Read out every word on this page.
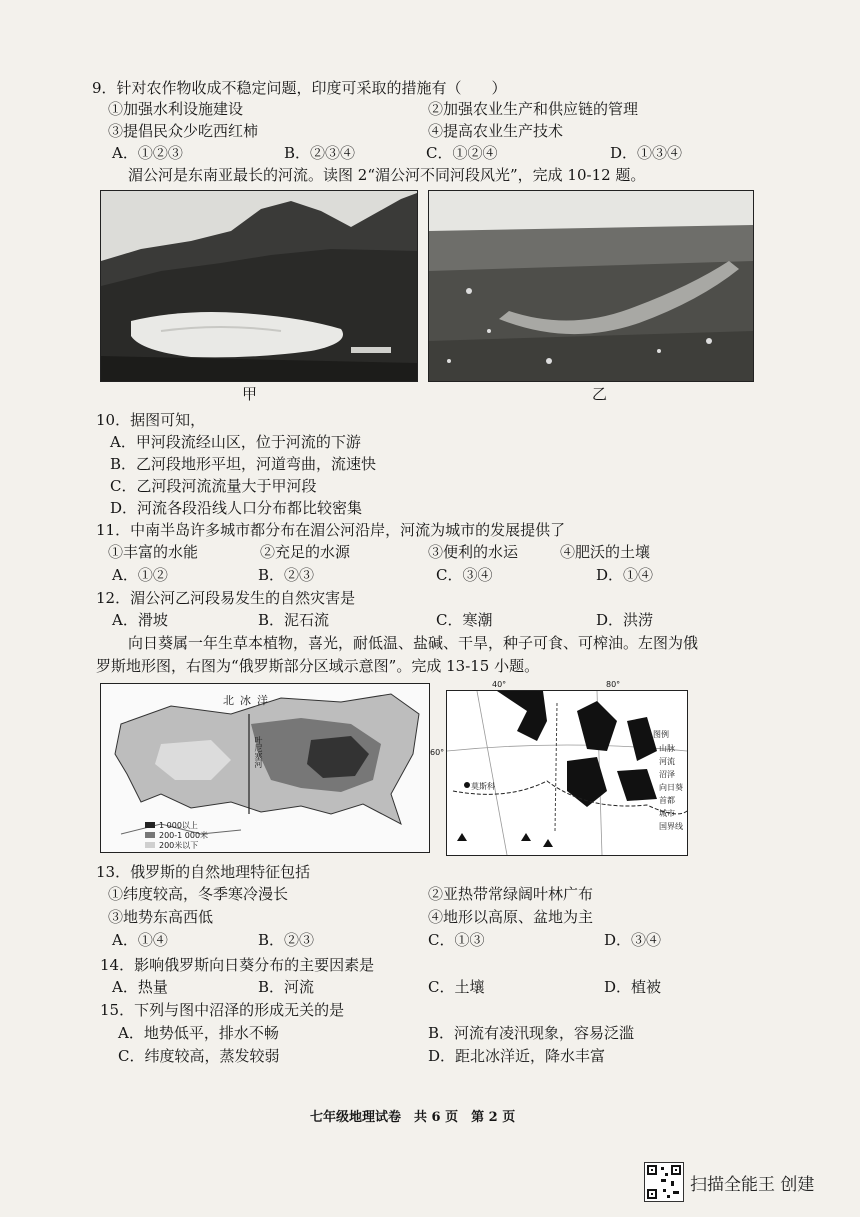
9．针对农作物收成不稳定问题，印度可采取的措施有（　　）
①加强水利设施建设	②加强农业生产和供应链的管理
③提倡民众少吃西红柿	④提高农业生产技术
A．①②③	B．②③④	C．①②④	D．①③④
湄公河是东南亚最长的河流。读图 2“湄公河不同河段风光”，完成 10-12 题。
甲	乙
10．据图可知，
A．甲河段流经山区，位于河流的下游
B．乙河段地形平坦，河道弯曲，流速快
C．乙河段河流流量大于甲河段
D．河流各段沿线人口分布都比较密集
11．中南半岛许多城市都分布在湄公河沿岸，河流为城市的发展提供了
①丰富的水能	②充足的水源	③便利的水运	④肥沃的土壤
A．①②	B．②③	C．③④	D．①④
12．湄公河乙河段易发生的自然灾害是
A．滑坡	B．泥石流	C．寒潮	D．洪涝
向日葵属一年生草本植物，喜光，耐低温、盐碱、干旱，种子可食、可榨油。左图为俄
罗斯地形图，右图为“俄罗斯部分区域示意图”。完成 13-15 小题。
北冰洋
叶尼塞河
1 000以上
200-1 000米
200米以下
莫斯科
图例
山脉
河流
沼泽
向日葵
首都
城市
国界线
40°	80°
60°
13．俄罗斯的自然地理特征包括
①纬度较高，冬季寒冷漫长	②亚热带常绿阔叶林广布
③地势东高西低	④地形以高原、盆地为主
A．①④	B．②③	C．①③	D．③④
14．影响俄罗斯向日葵分布的主要因素是
A．热量	B．河流	C．土壤	D．植被
15．下列与图中沼泽的形成无关的是
A．地势低平，排水不畅	B．河流有凌汛现象，容易泛滥
C．纬度较高，蒸发较弱	D．距北冰洋近，降水丰富
七年级地理试卷　共 6 页　第 2 页
扫描全能王 创建
